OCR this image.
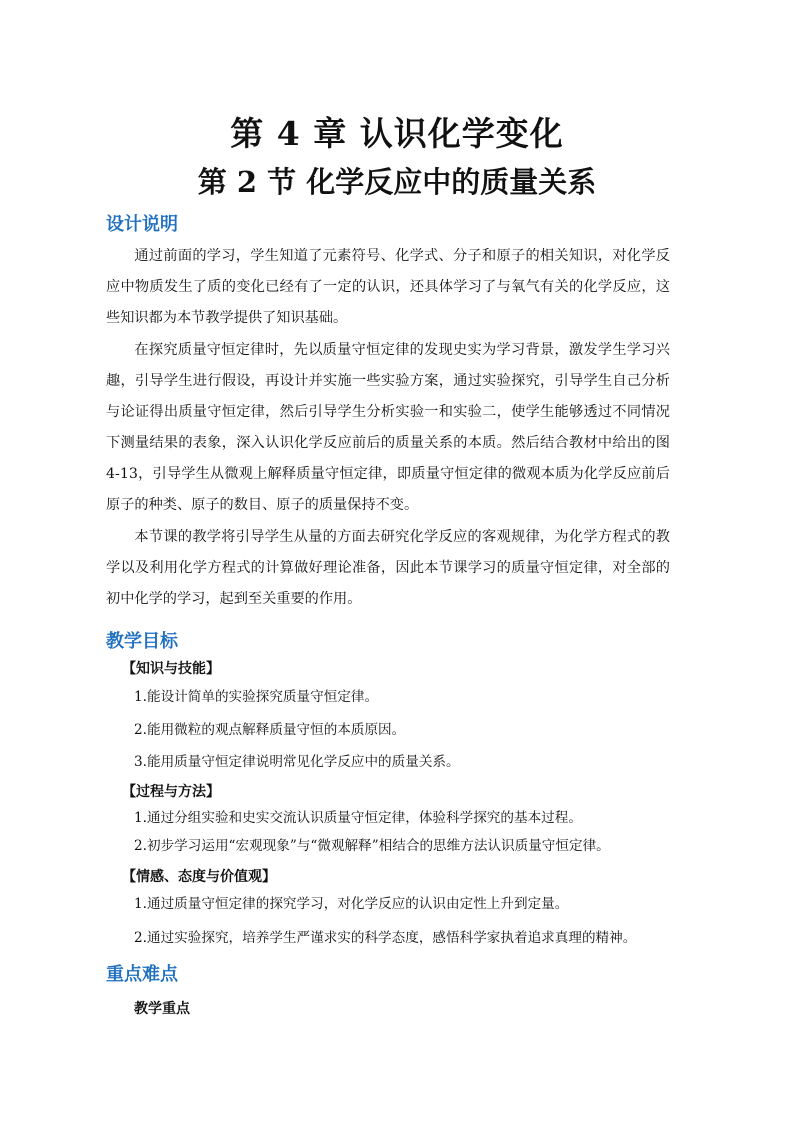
第 4 章 认识化学变化
第 2 节 化学反应中的质量关系
设计说明
通过前面的学习，学生知道了元素符号、化学式、分子和原子的相关知识，对化学反应中物质发生了质的变化已经有了一定的认识，还具体学习了与氧气有关的化学反应，这些知识都为本节教学提供了知识基础。
在探究质量守恒定律时，先以质量守恒定律的发现史实为学习背景，激发学生学习兴趣，引导学生进行假设，再设计并实施一些实验方案，通过实验探究，引导学生自己分析与论证得出质量守恒定律，然后引导学生分析实验一和实验二，使学生能够透过不同情况下测量结果的表象，深入认识化学反应前后的质量关系的本质。然后结合教材中给出的图 4-13，引导学生从微观上解释质量守恒定律，即质量守恒定律的微观本质为化学反应前后原子的种类、原子的数目、原子的质量保持不变。
本节课的教学将引导学生从量的方面去研究化学反应的客观规律，为化学方程式的教学以及利用化学方程式的计算做好理论准备，因此本节课学习的质量守恒定律，对全部的初中化学的学习，起到至关重要的作用。
教学目标
【知识与技能】
1.能设计简单的实验探究质量守恒定律。
2.能用微粒的观点解释质量守恒的本质原因。
3.能用质量守恒定律说明常见化学反应中的质量关系。
【过程与方法】
1.通过分组实验和史实交流认识质量守恒定律，体验科学探究的基本过程。
2.初步学习运用“宏观现象”与“微观解释”相结合的思维方法认识质量守恒定律。
【情感、态度与价值观】
1.通过质量守恒定律的探究学习，对化学反应的认识由定性上升到定量。
2.通过实验探究，培养学生严谨求实的科学态度，感悟科学家执着追求真理的精神。
重点难点
教学重点
